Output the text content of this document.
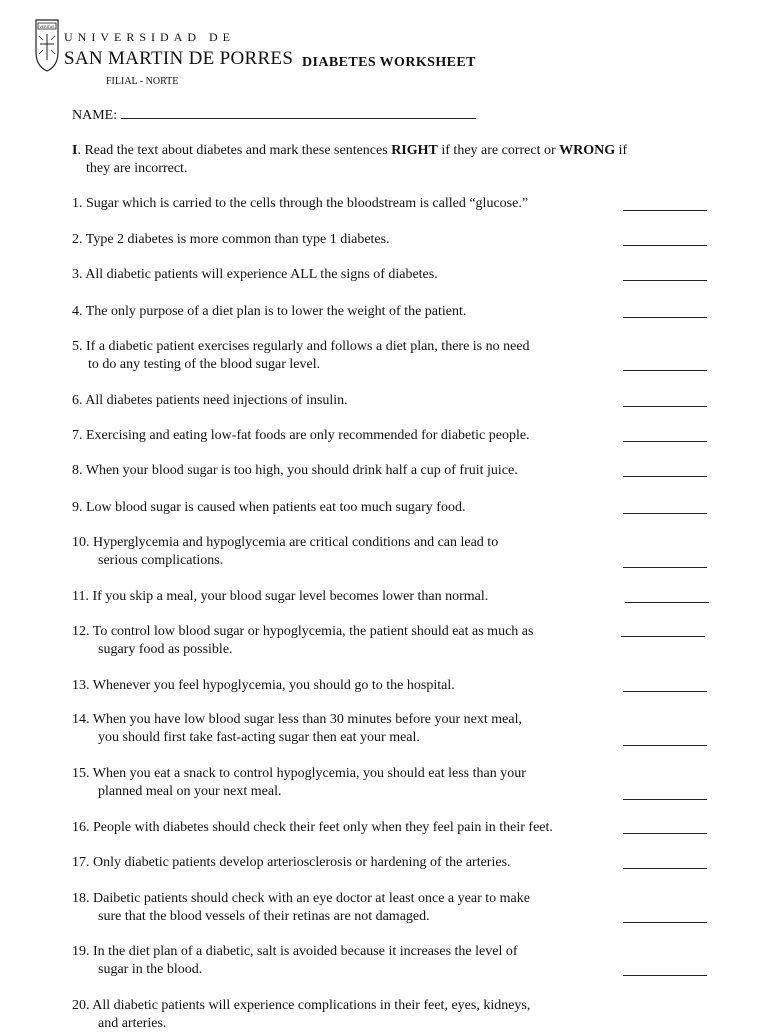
VERITAS
UNIVERSIDAD DE
SAN MARTIN DE PORRES
FILIAL - NORTE
DIABETES WORKSHEET
NAME:
I. Read the text about diabetes and mark these sentences RIGHT if they are correct or WRONG if
they are incorrect.
1. Sugar which is carried to the cells through the bloodstream is called “glucose.”
2. Type 2 diabetes is more common than type 1 diabetes.
3. All diabetic patients will experience ALL the signs of diabetes.
4. The only purpose of a diet plan is to lower the weight of the patient.
5. If a diabetic patient exercises regularly and follows a diet plan, there is no need
to do any testing of the blood sugar level.
6. All diabetes patients need injections of insulin.
7. Exercising and eating low-fat foods are only recommended for diabetic people.
8. When your blood sugar is too high, you should drink half a cup of fruit juice.
9. Low blood sugar is caused when patients eat too much sugary food.
10. Hyperglycemia and hypoglycemia are critical conditions and can lead to
serious complications.
11. If you skip a meal, your blood sugar level becomes lower than normal.
12. To control low blood sugar or hypoglycemia, the patient should eat as much as
sugary food as possible.
13. Whenever you feel hypoglycemia, you should go to the hospital.
14. When you have low blood sugar less than 30 minutes before your next meal,
you should first take fast-acting sugar then eat your meal.
15. When you eat a snack to control hypoglycemia, you should eat less than your
planned meal on your next meal.
16. People with diabetes should check their feet only when they feel pain in their feet.
17. Only diabetic patients develop arteriosclerosis or hardening of the arteries.
18. Daibetic patients should check with an eye doctor at least once a year to make
sure that the blood vessels of their retinas are not damaged.
19. In the diet plan of a diabetic, salt is avoided because it increases the level of
sugar in the blood.
20. All diabetic patients will experience complications in their feet, eyes, kidneys,
and arteries.
